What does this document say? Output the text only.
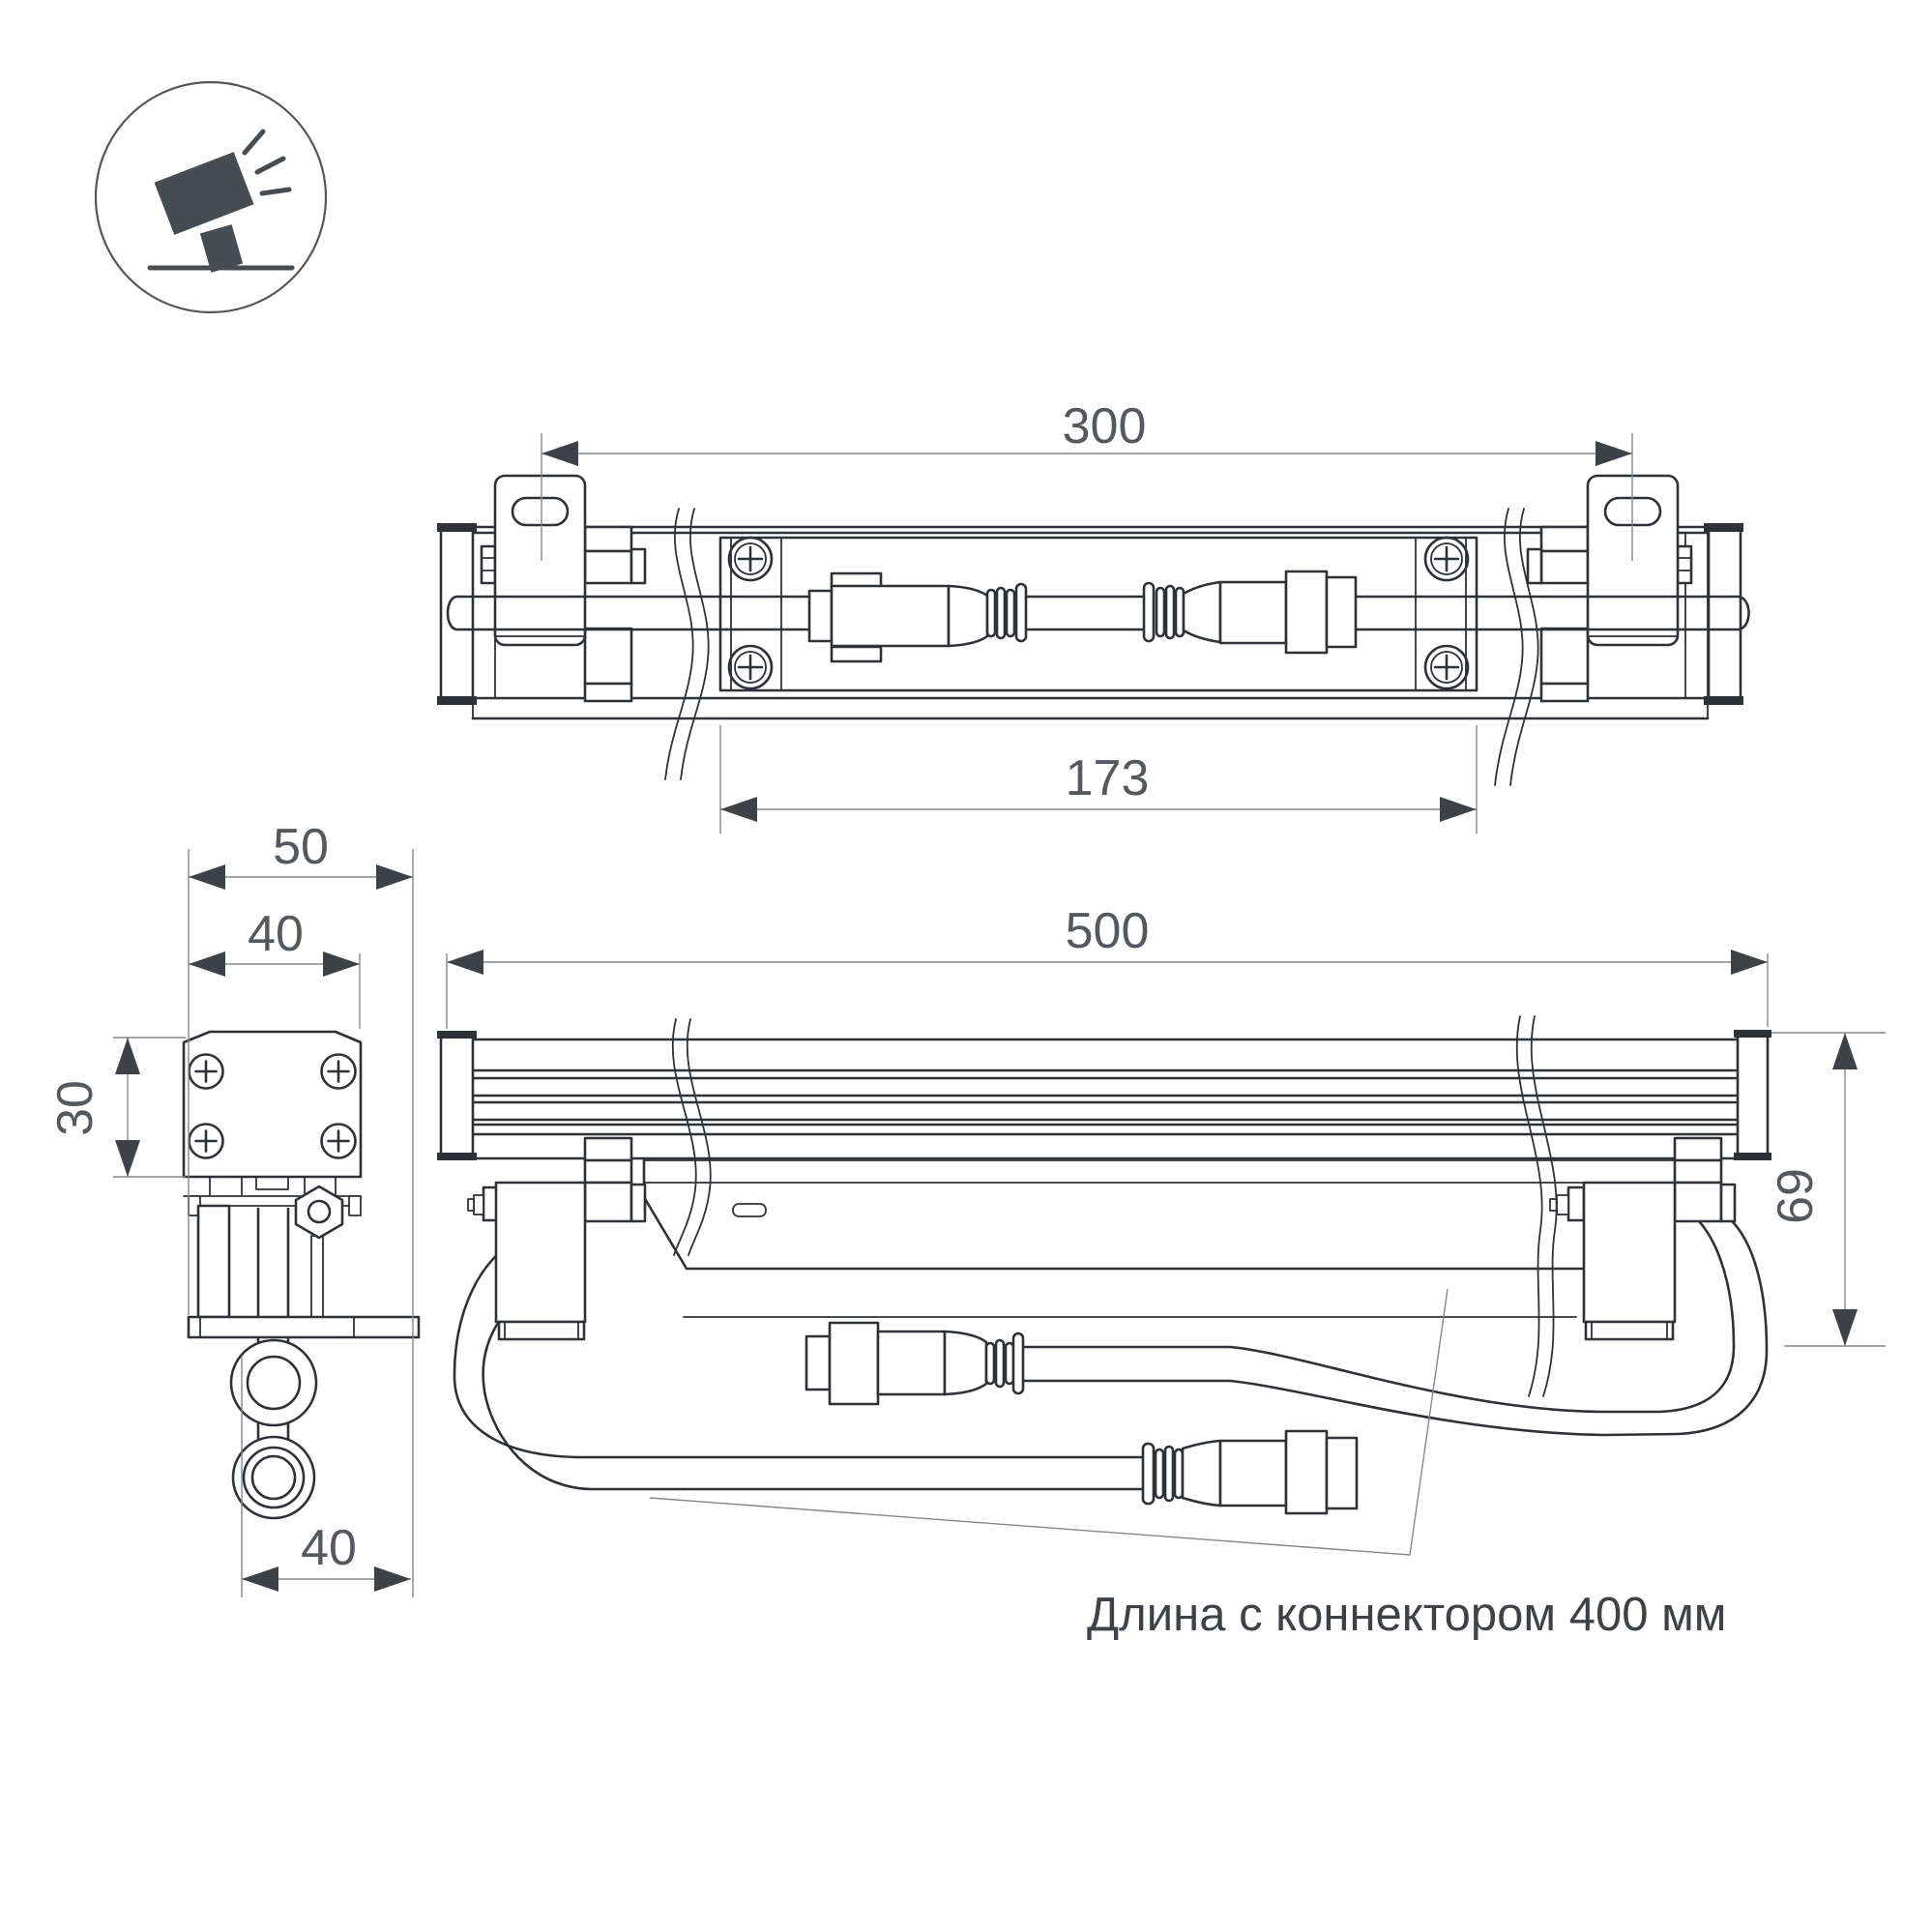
300
173
50
40
30
40
500
69
Длина с коннектором 400 мм
